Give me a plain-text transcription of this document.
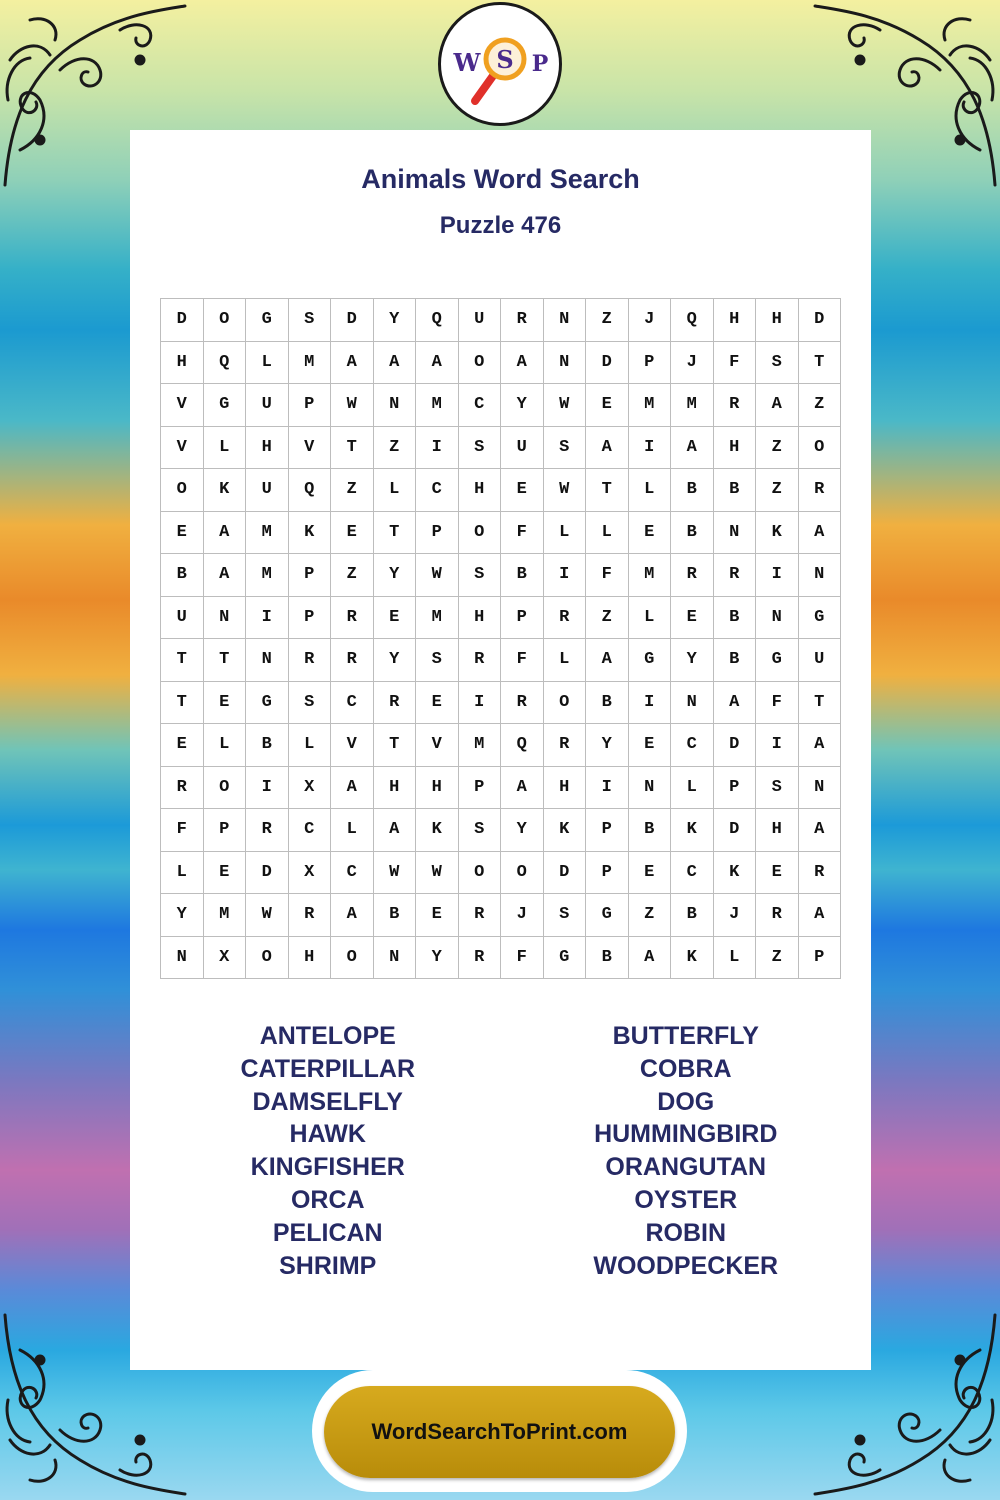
W S P
Animals Word Search
Puzzle 476
D	O	G	S	D	Y	Q	U	R	N	Z	J	Q	H	H	D
H	Q	L	M	A	A	A	O	A	N	D	P	J	F	S	T
V	G	U	P	W	N	M	C	Y	W	E	M	M	R	A	Z
V	L	H	V	T	Z	I	S	U	S	A	I	A	H	Z	O
O	K	U	Q	Z	L	C	H	E	W	T	L	B	B	Z	R
E	A	M	K	E	T	P	O	F	L	L	E	B	N	K	A
B	A	M	P	Z	Y	W	S	B	I	F	M	R	R	I	N
U	N	I	P	R	E	M	H	P	R	Z	L	E	B	N	G
T	T	N	R	R	Y	S	R	F	L	A	G	Y	B	G	U
T	E	G	S	C	R	E	I	R	O	B	I	N	A	F	T
E	L	B	L	V	T	V	M	Q	R	Y	E	C	D	I	A
R	O	I	X	A	H	H	P	A	H	I	N	L	P	S	N
F	P	R	C	L	A	K	S	Y	K	P	B	K	D	H	A
L	E	D	X	C	W	W	O	O	D	P	E	C	K	E	R
Y	M	W	R	A	B	E	R	J	S	G	Z	B	J	R	A
N	X	O	H	O	N	Y	R	F	G	B	A	K	L	Z	P
ANTELOPE
CATERPILLAR
DAMSELFLY
HAWK
KINGFISHER
ORCA
PELICAN
SHRIMP
BUTTERFLY
COBRA
DOG
HUMMINGBIRD
ORANGUTAN
OYSTER
ROBIN
WOODPECKER
WordSearchToPrint.com
